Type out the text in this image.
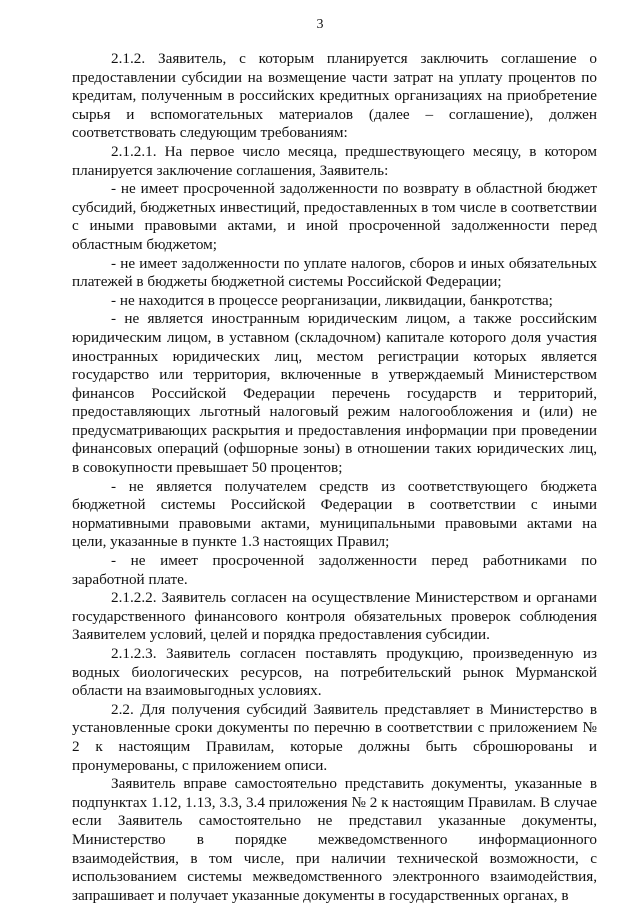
3

2.1.2. Заявитель, с которым планируется заключить соглашение о предоставлении субсидии на возмещение части затрат на уплату процентов по кредитам, полученным в российских кредитных организациях на приобретение сырья и вспомогательных материалов (далее – соглашение), должен соответствовать следующим требованиям:

2.1.2.1. На первое число месяца, предшествующего месяцу, в котором планируется заключение соглашения, Заявитель:

- не имеет просроченной задолженности по возврату в областной бюджет субсидий, бюджетных инвестиций, предоставленных в том числе в соответствии с иными правовыми актами, и иной просроченной задолженности перед областным бюджетом;

- не имеет задолженности по уплате налогов, сборов и иных обязательных платежей в бюджеты бюджетной системы Российской Федерации;

- не находится в процессе реорганизации, ликвидации, банкротства;

- не является иностранным юридическим лицом, а также российским юридическим лицом, в уставном (складочном) капитале которого доля участия иностранных юридических лиц, местом регистрации которых является государство или территория, включенные в утверждаемый Министерством финансов Российской Федерации перечень государств и территорий, предоставляющих льготный налоговый режим налогообложения и (или) не предусматривающих раскрытия и предоставления информации при проведении финансовых операций (офшорные зоны) в отношении таких юридических лиц, в совокупности превышает 50 процентов;

- не является получателем средств из соответствующего бюджета бюджетной системы Российской Федерации в соответствии с иными нормативными правовыми актами, муниципальными правовыми актами на цели, указанные в пункте 1.3 настоящих Правил;

- не имеет просроченной задолженности перед работниками по заработной плате.

2.1.2.2. Заявитель согласен на осуществление Министерством и органами государственного финансового контроля обязательных проверок соблюдения Заявителем условий, целей и порядка предоставления субсидии.

2.1.2.3. Заявитель согласен поставлять продукцию, произведенную из водных биологических ресурсов, на потребительский рынок Мурманской области на взаимовыгодных условиях.

2.2. Для получения субсидий Заявитель представляет в Министерство в установленные сроки документы по перечню в соответствии с приложением № 2 к настоящим Правилам, которые должны быть сброшюрованы и пронумерованы, с приложением описи.

Заявитель вправе самостоятельно представить документы, указанные в подпунктах 1.12, 1.13, 3.3, 3.4 приложения № 2 к настоящим Правилам. В случае если Заявитель самостоятельно не представил указанные документы, Министерство в порядке межведомственного информационного взаимодействия, в том числе, при наличии технической возможности, с использованием системы межведомственного электронного взаимодействия, запрашивает и получает указанные документы в государственных органах, в
